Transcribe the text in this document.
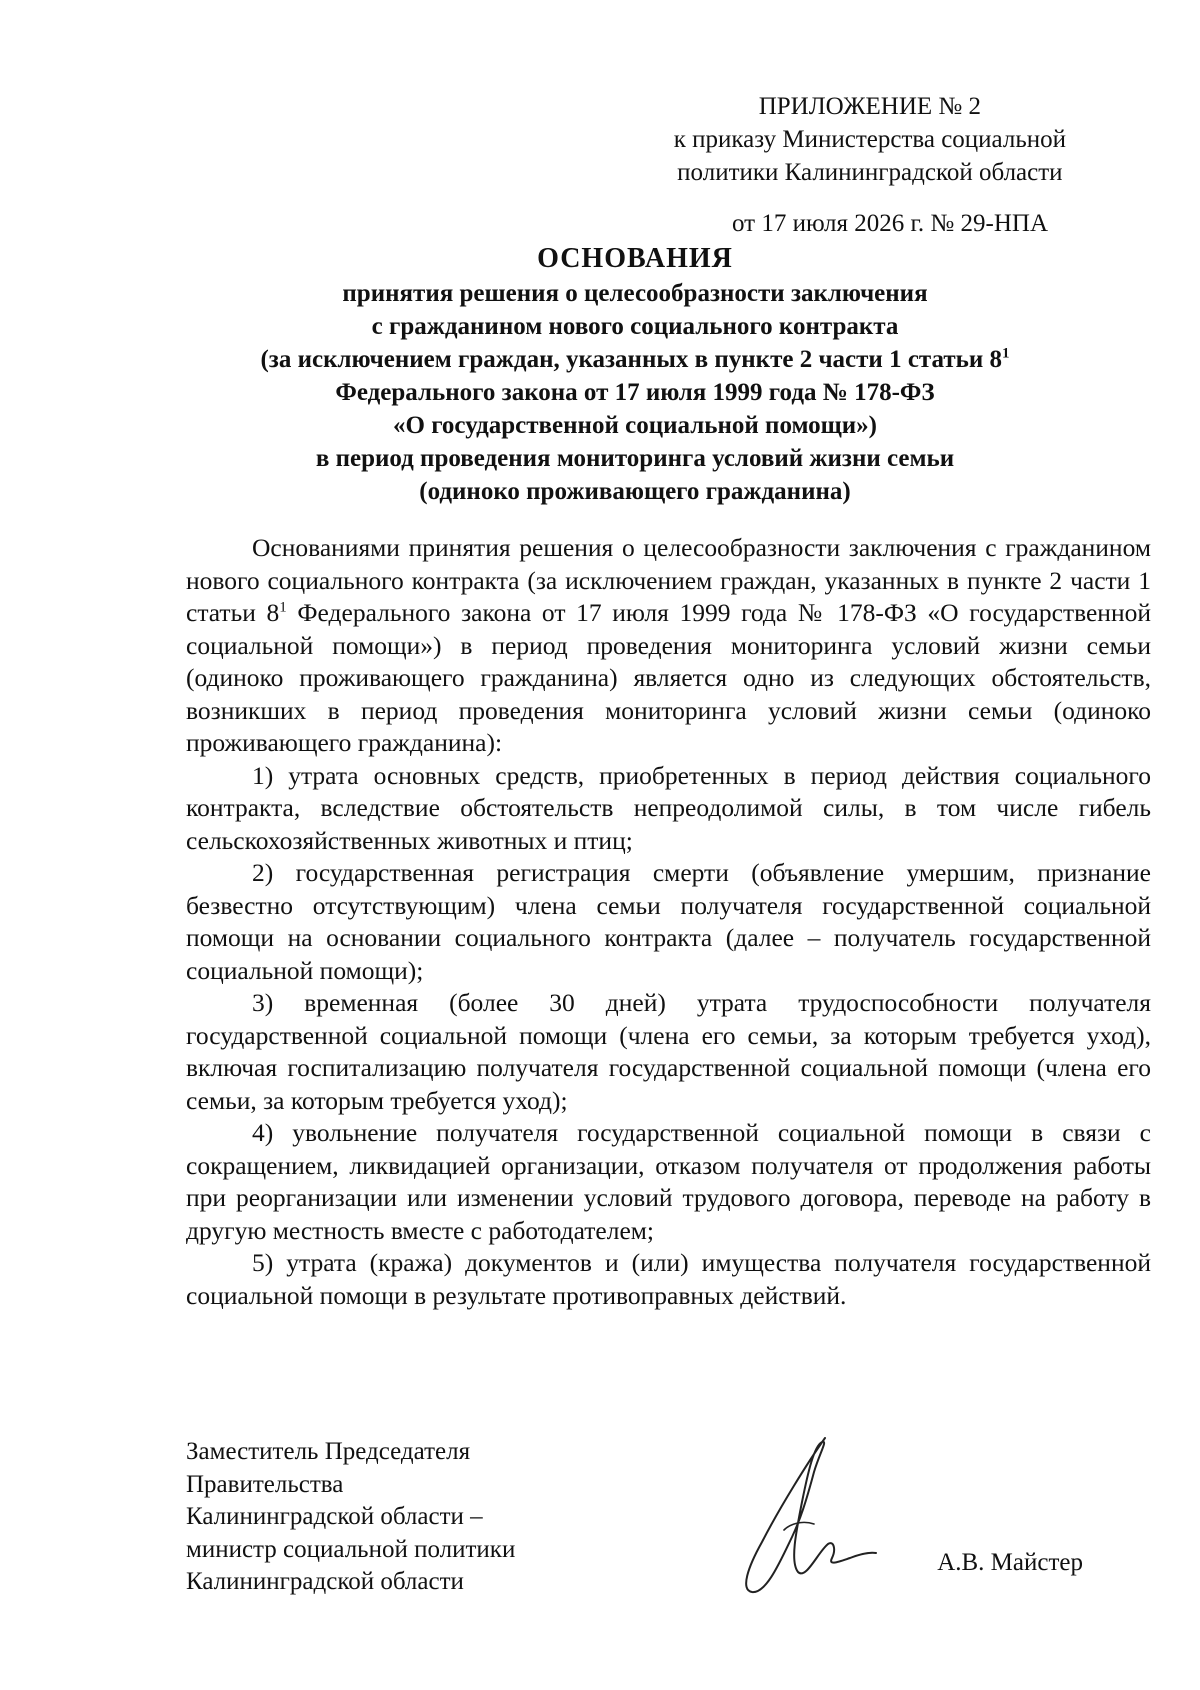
ПРИЛОЖЕНИЕ № 2
к приказу Министерства социальной
политики Калининградской области
от 17 июля 2026 г. № 29-НПА
ОСНОВАНИЯ
принятия решения о целесообразности заключения
с гражданином нового социального контракта
(за исключением граждан, указанных в пункте 2 части 1 статьи $8^1$
Федерального закона от 17 июля 1999 года № 178-ФЗ
«О государственной социальной помощи»)
в период проведения мониторинга условий жизни семьи
(одиноко проживающего гражданина)

Основаниями принятия решения о целесообразности заключения с гражданином нового социального контракта (за исключением граждан, указанных в пункте 2 части 1 статьи $8^1$ Федерального закона от 17 июля 1999 года № 178-ФЗ «О государственной социальной помощи») в период проведения мониторинга условий жизни семьи (одиноко проживающего гражданина) является одно из следующих обстоятельств, возникших в период проведения мониторинга условий жизни семьи (одиноко проживающего гражданина):

1) утрата основных средств, приобретенных в период действия социального контракта, вследствие обстоятельств непреодолимой силы, в том числе гибель сельскохозяйственных животных и птиц;

2) государственная регистрация смерти (объявление умершим, признание безвестно отсутствующим) члена семьи получателя государственной социальной помощи на основании социального контракта (далее – получатель государственной социальной помощи);

3) временная (более 30 дней) утрата трудоспособности получателя государственной социальной помощи (члена его семьи, за которым требуется уход), включая госпитализацию получателя государственной социальной помощи (члена его семьи, за которым требуется уход);

4) увольнение получателя государственной социальной помощи в связи с сокращением, ликвидацией организации, отказом получателя от продолжения работы при реорганизации или изменении условий трудового договора, переводе на работу в другую местность вместе с работодателем;

5) утрата (кража) документов и (или) имущества получателя государственной социальной помощи в результате противоправных действий.

Заместитель Председателя
Правительства
Калининградской области –
министр социальной политики
Калининградской области
А.В. Майстер
